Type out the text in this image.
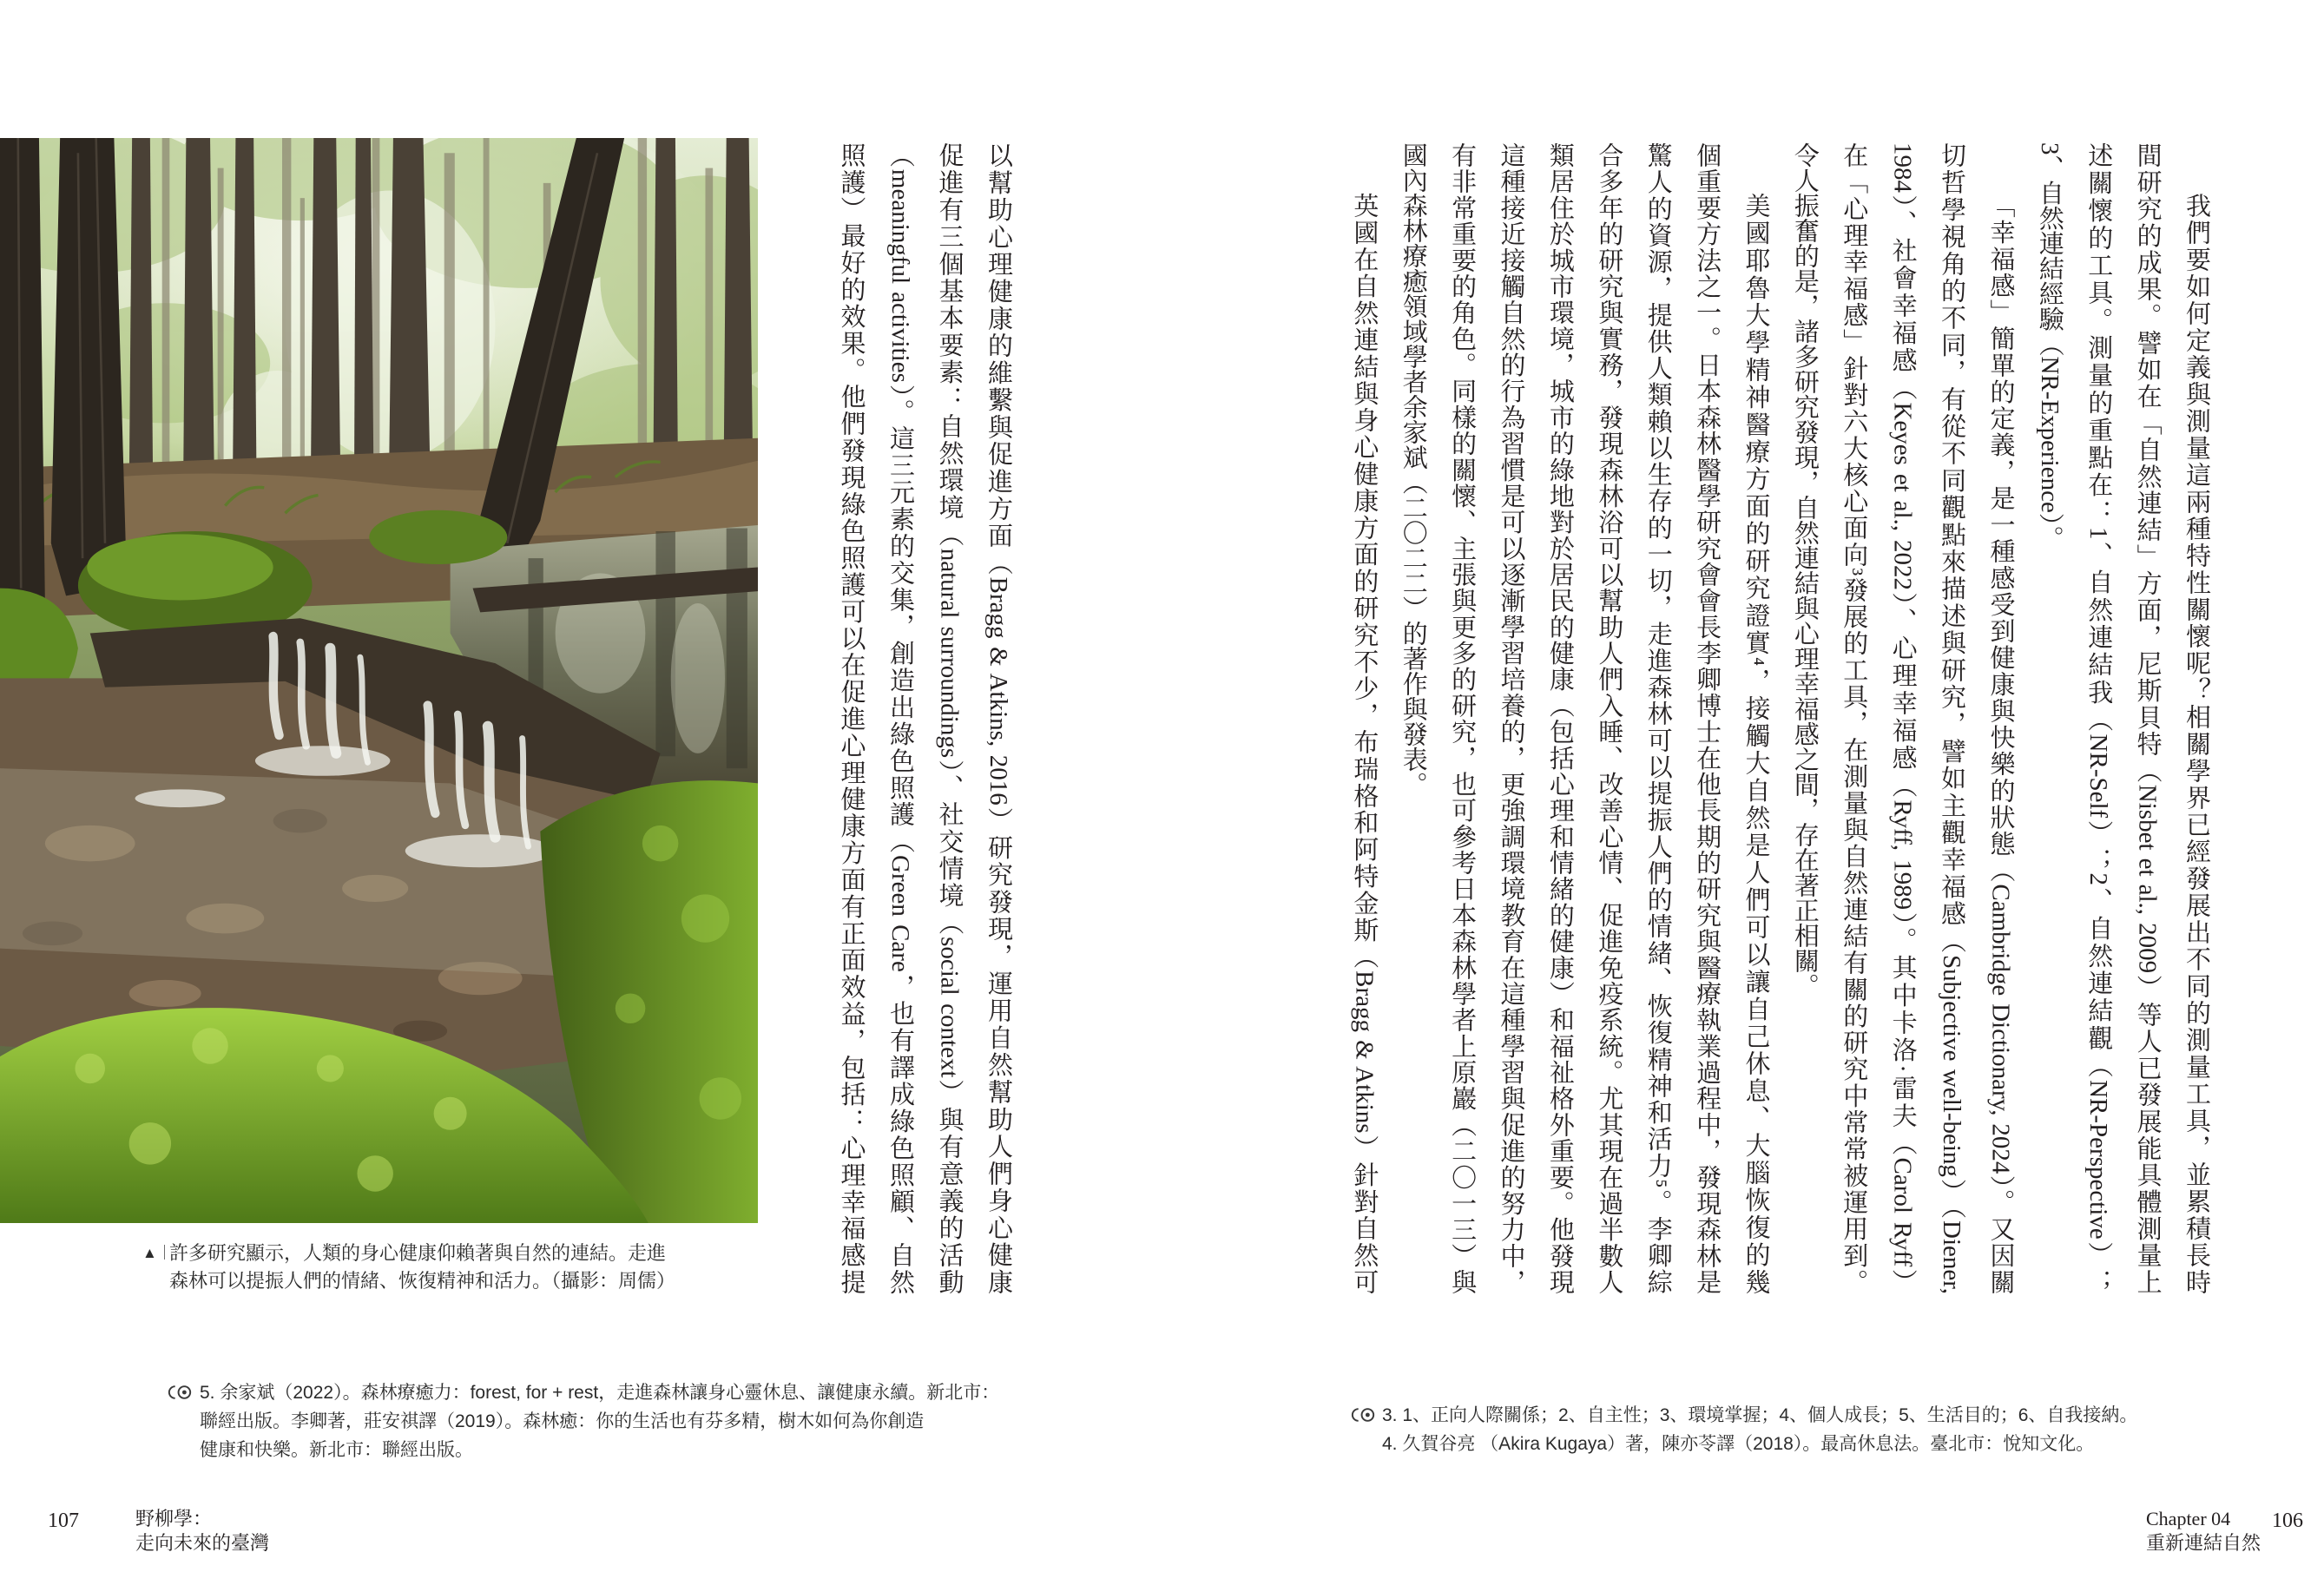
▲｜
許多研究顯示，人類的身心健康仰賴著與自然的連結。走進
森林可以提振人們的情緒、恢復精神和活力。（攝影：周儒）	以幫助心理健康的維繫與促進方面（Bragg & Atkins, 2016）研究發現，運用自然幫助人們身心健康
促進有三個基本要素：自然環境（natural surroundings）、社交情境（social context）與有意義的活動
（meaningful activities）。這三元素的交集，創造出綠色照護（Green Care，也有譯成綠色照顧、自然
照護）最好的效果。他們發現綠色照護可以在促進心理健康方面有正面效益，包括：心理幸福感提
5. 余家斌（2022）。森林療癒力：forest, for + rest，走進森林讓身心靈休息、讓健康永續。新北市：
聯經出版。李卿著，莊安祺譯（2019）。森林癒：你的生活也有芬多精，樹木如何為你創造
健康和快樂。新北市：聯經出版。
107	野柳學：
走向未來的臺灣
我們要如何定義與測量這兩種特性關懷呢？相關學界已經發展出不同的測量工具，並累積長時
間研究的成果。譬如在「自然連結」方面，尼斯貝特（Nisbet et al., 2009）等人已發展能具體測量上
述關懷的工具。測量的重點在：1、自然連結我（NR-Self）；2、自然連結觀（NR-Perspective）；
3、自然連結經驗（NR-Experience）。
「幸福感」簡單的定義，是一種感受到健康與快樂的狀態（Cambridge Dictionary, 2024）。又因關
切哲學視角的不同，有從不同觀點來描述與研究，譬如主觀幸福感（Subjective well-being）（Diener,
1984）、社會幸福感（Keyes et al., 2022）、心理幸福感（Ryff, 1989）。其中卡洛·雷夫（Carol Ryff）
在「心理幸福感」針對六大核心面向³發展的工具，在測量與自然連結有關的研究中常常被運用到。
令人振奮的是，諸多研究發現，自然連結與心理幸福感之間，存在著正相關。
美國耶魯大學精神醫療方面的研究證實⁴，接觸大自然是人們可以讓自己休息、大腦恢復的幾
個重要方法之一。日本森林醫學研究會會長李卿博士在他長期的研究與醫療執業過程中，發現森林是
驚人的資源，提供人類賴以生存的一切，走進森林可以提振人們的情緒、恢復精神和活力⁵。李卿綜
合多年的研究與實務，發現森林浴可以幫助人們入睡、改善心情、促進免疫系統。尤其現在過半數人
類居住於城市環境，城市的綠地對於居民的健康（包括心理和情緒的健康）和福祉格外重要。他發現
這種接近接觸自然的行為習慣是可以逐漸學習培養的，更強調環境教育在這種學習與促進的努力中，
有非常重要的角色。同樣的關懷、主張與更多的研究，也可參考日本森林學者上原巖（二〇一三）與
國內森林療癒領域學者余家斌（二〇二二）的著作與發表。
英國在自然連結與身心健康方面的研究不少，布瑞格和阿特金斯（Bragg & Atkins）針對自然可
3. 1、正向人際關係；2、自主性；3、環境掌握；4、個人成長；5、生活目的；6、自我接納。
4. 久賀谷亮 （Akira Kugaya）著，陳亦苓譯（2018）。最高休息法。臺北市：悅知文化。
Chapter 04
重新連結自然
106
